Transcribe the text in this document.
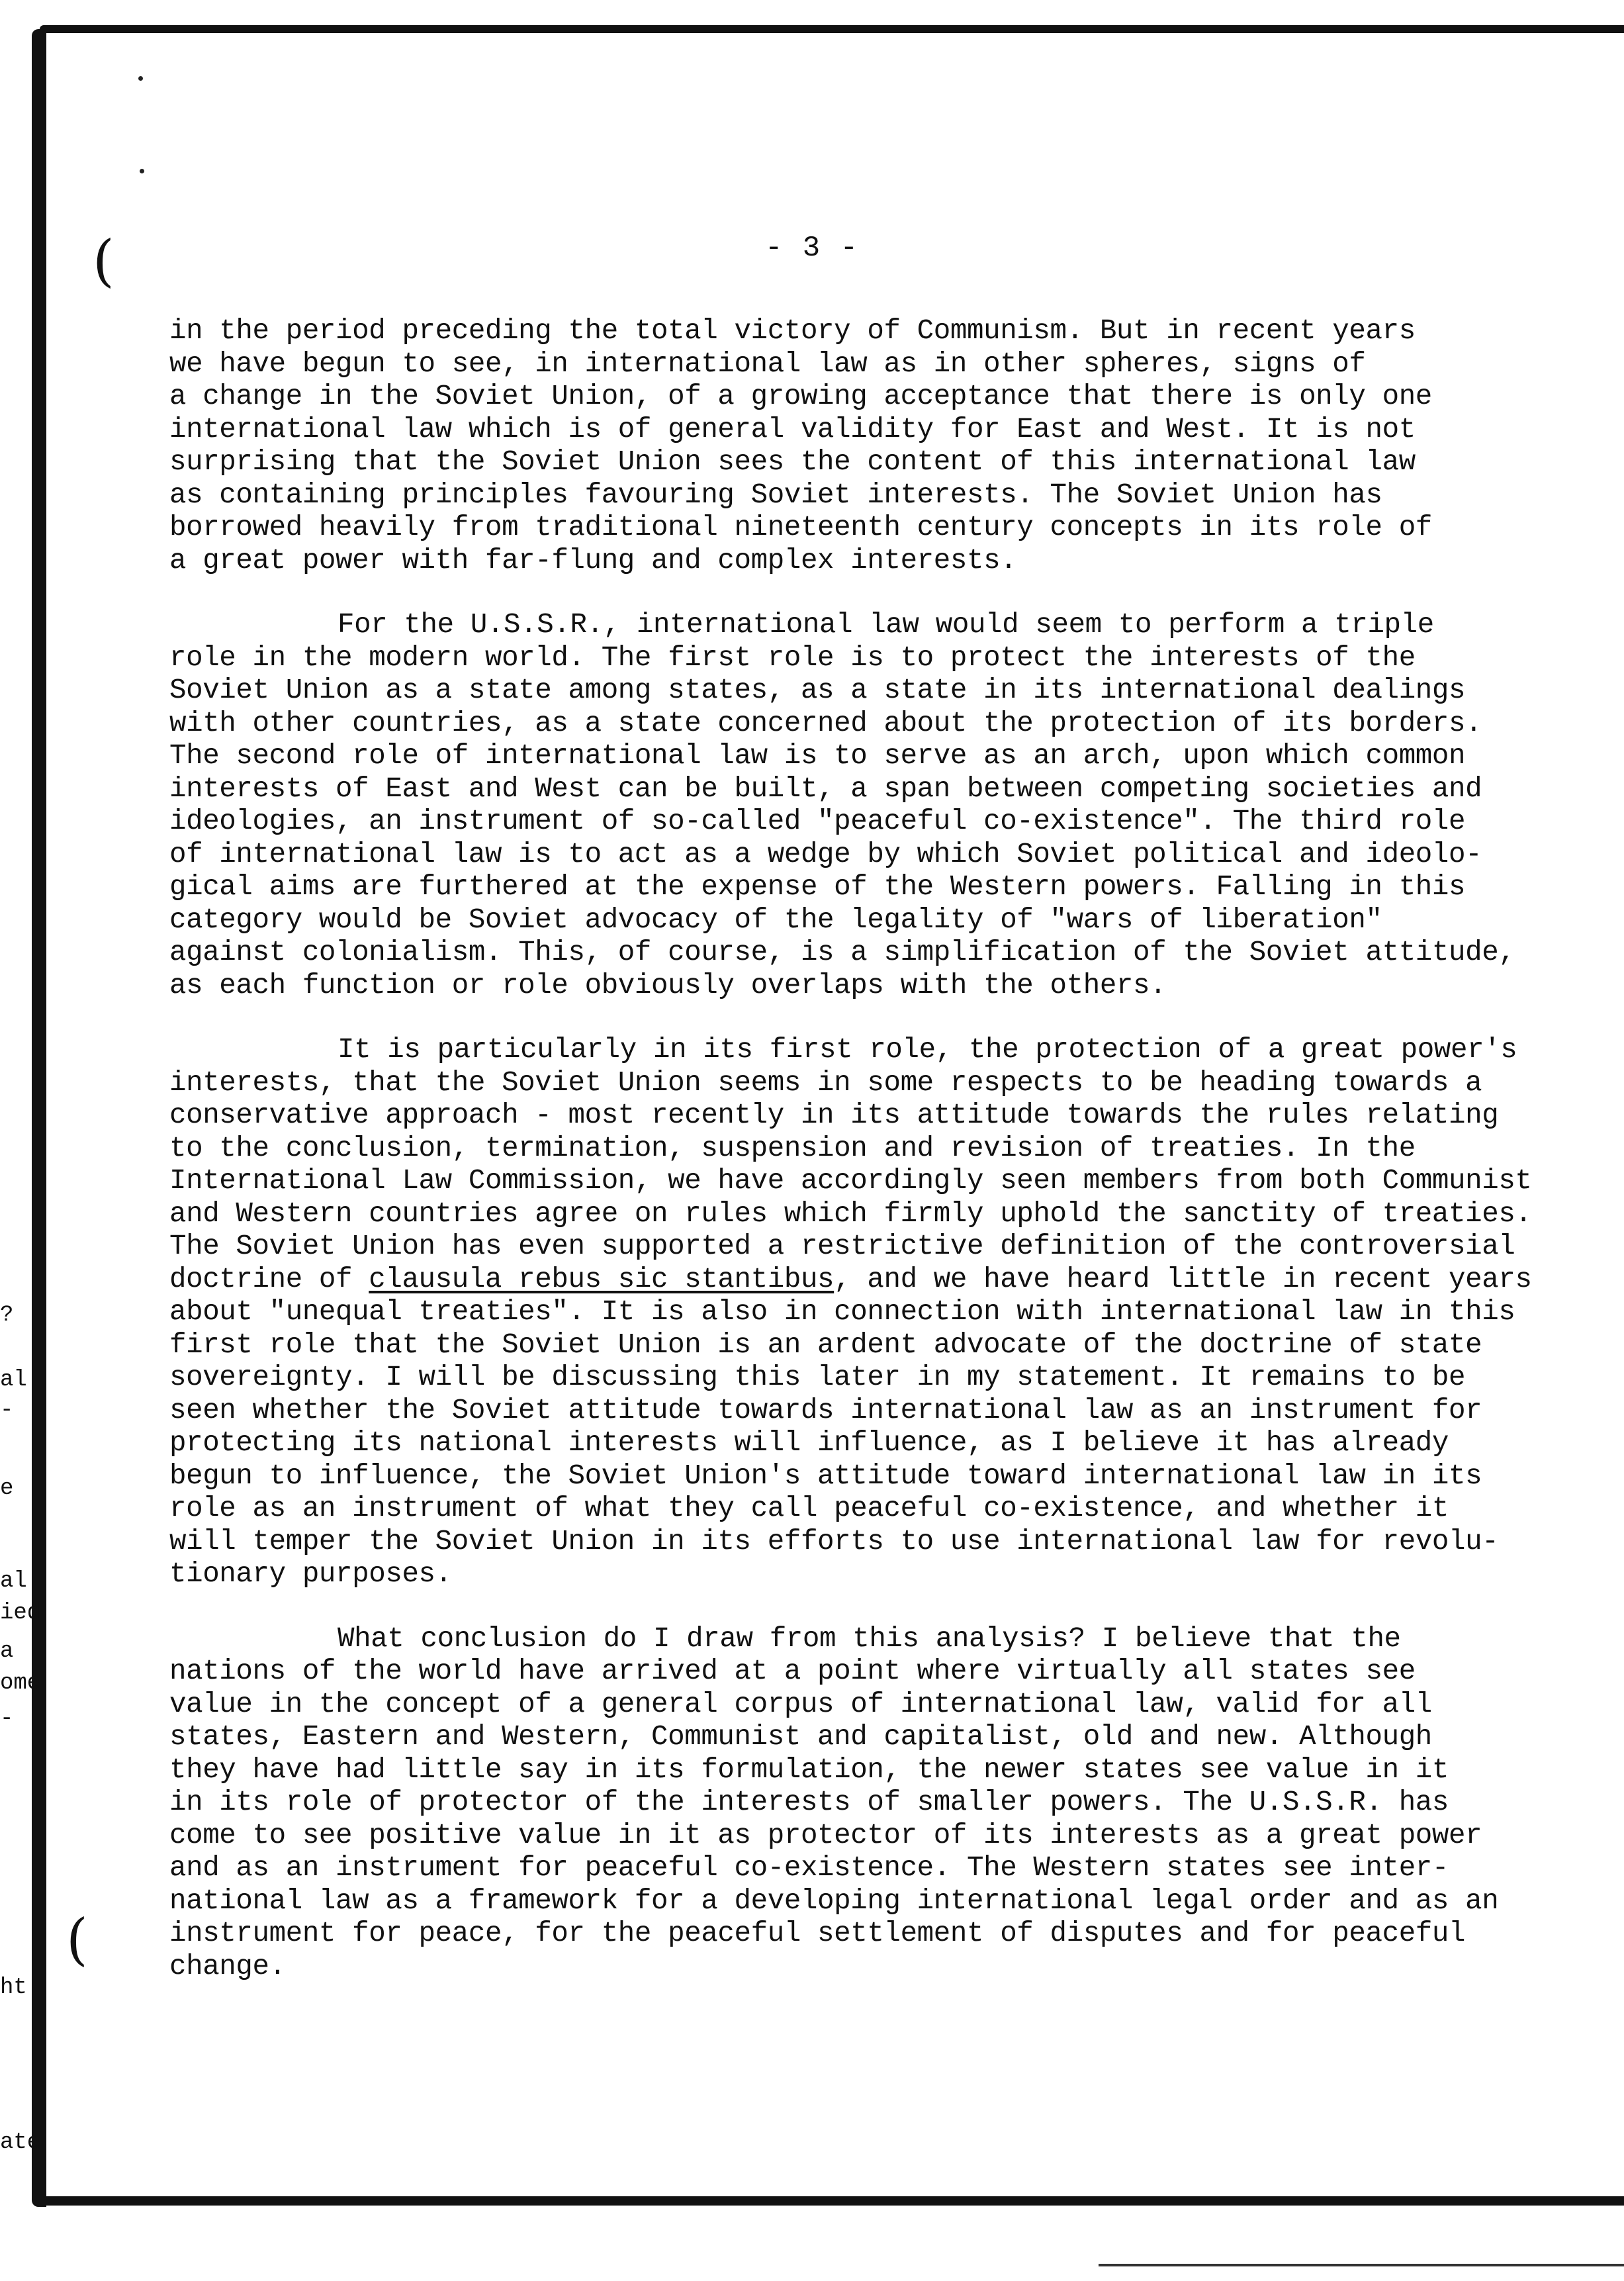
(
(
?
al
-
e
al
ied
a
ome
-
ht
ate
- 3 -

in the period preceding the total victory of Communism. But in recent years
we have begun to see, in international law as in other spheres, signs of
a change in the Soviet Union, of a growing acceptance that there is only one
international law which is of general validity for East and West. It is not
surprising that the Soviet Union sees the content of this international law
as containing principles favouring Soviet interests. The Soviet Union has
borrowed heavily from traditional nineteenth century concepts in its role of
a great power with far-flung and complex interests.

For the U.S.S.R., international law would seem to perform a triple
role in the modern world. The first role is to protect the interests of the
Soviet Union as a state among states, as a state in its international dealings
with other countries, as a state concerned about the protection of its borders.
The second role of international law is to serve as an arch, upon which common
interests of East and West can be built, a span between competing societies and
ideologies, an instrument of so-called "peaceful co-existence". The third role
of international law is to act as a wedge by which Soviet political and ideolo-
gical aims are furthered at the expense of the Western powers. Falling in this
category would be Soviet advocacy of the legality of "wars of liberation"
against colonialism. This, of course, is a simplification of the Soviet attitude,
as each function or role obviously overlaps with the others.

It is particularly in its first role, the protection of a great power's
interests, that the Soviet Union seems in some respects to be heading towards a
conservative approach - most recently in its attitude towards the rules relating
to the conclusion, termination, suspension and revision of treaties. In the
International Law Commission, we have accordingly seen members from both Communist
and Western countries agree on rules which firmly uphold the sanctity of treaties.
The Soviet Union has even supported a restrictive definition of the controversial
doctrine of clausula rebus sic stantibus, and we have heard little in recent years
about "unequal treaties". It is also in connection with international law in this
first role that the Soviet Union is an ardent advocate of the doctrine of state
sovereignty. I will be discussing this later in my statement. It remains to be
seen whether the Soviet attitude towards international law as an instrument for
protecting its national interests will influence, as I believe it has already
begun to influence, the Soviet Union's attitude toward international law in its
role as an instrument of what they call peaceful co-existence, and whether it
will temper the Soviet Union in its efforts to use international law for revolu-
tionary purposes.

What conclusion do I draw from this analysis? I believe that the
nations of the world have arrived at a point where virtually all states see
value in the concept of a general corpus of international law, valid for all
states, Eastern and Western, Communist and capitalist, old and new. Although
they have had little say in its formulation, the newer states see value in it
in its role of protector of the interests of smaller powers. The U.S.S.R. has
come to see positive value in it as protector of its interests as a great power
and as an instrument for peaceful co-existence. The Western states see inter-
national law as a framework for a developing international legal order and as an
instrument for peace, for the peaceful settlement of disputes and for peaceful
change.
